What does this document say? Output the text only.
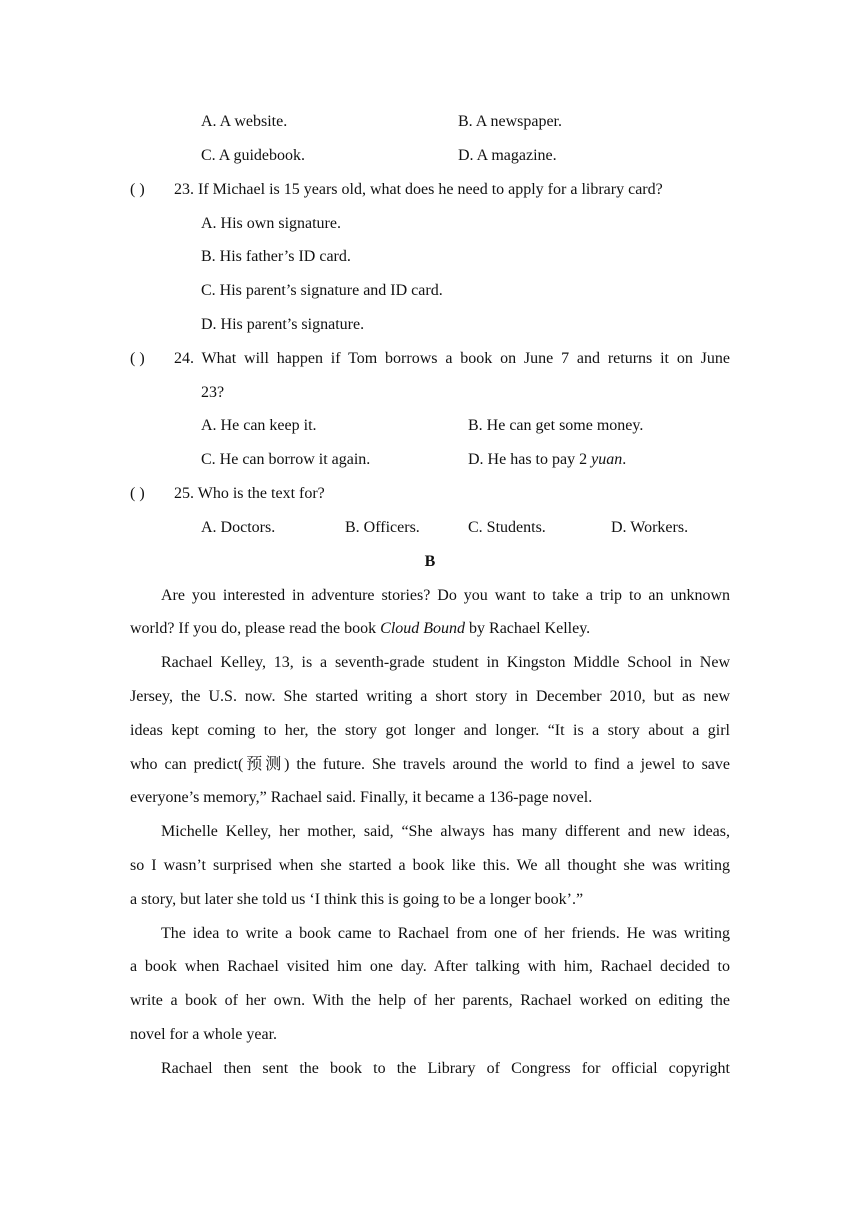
A. A website.	B. A newspaper.
C. A guidebook.	D. A magazine.
( ) 23. If Michael is 15 years old, what does he need to apply for a library card?
A. His own signature.
B. His father’s ID card.
C. His parent’s signature and ID card.
D. His parent’s signature.
( ) 24. What will happen if Tom borrows a book on June 7 and returns it on June
23?
A. He can keep it.	B. He can get some money.
C. He can borrow it again.	D. He has to pay 2 yuan.
( ) 25. Who is the text for?
A. Doctors.	B. Officers.	C. Students.	D. Workers.
B
Are you interested in adventure stories? Do you want to take a trip to an unknown
world? If you do, please read the book Cloud Bound by Rachael Kelley.
Rachael Kelley, 13, is a seventh-grade student in Kingston Middle School in New
Jersey, the U.S. now. She started writing a short story in December 2010, but as new
ideas kept coming to her, the story got longer and longer. “It is a story about a girl
who can predict(预测) the future. She travels around the world to find a jewel to save
everyone’s memory,” Rachael said. Finally, it became a 136-page novel.
Michelle Kelley, her mother, said, “She always has many different and new ideas,
so I wasn’t surprised when she started a book like this. We all thought she was writing
a story, but later she told us ‘I think this is going to be a longer book’.”
The idea to write a book came to Rachael from one of her friends. He was writing
a book when Rachael visited him one day. After talking with him, Rachael decided to
write a book of her own. With the help of her parents, Rachael worked on editing the
novel for a whole year.
Rachael then sent the book to the Library of Congress for official copyright
